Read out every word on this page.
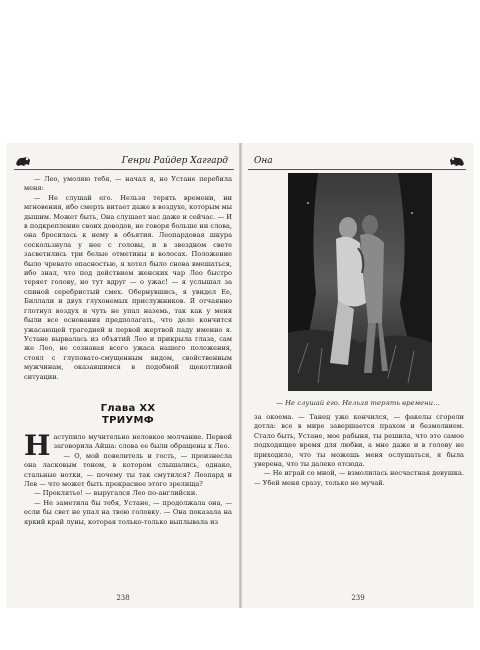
Генри Райдер Хаггард

— Лео, умоляю тебя, — начал я, но Устане перебила меня:

— Не слушай его. Нельзя терять времени, ни мгновения, ибо смерть витает даже в воздухе, которым мы дышим. Может быть, Она слушает нас даже и сейчас. — И в подкрепление своих доводов, не говоря больше ни слова, она бросилась к нему в объятия. Леопардовая шкура соскользнула у нее с головы, и в звездном свете засветились три белые отметины в волосах. Положение было чревато опасностью, я хотел было снова вмешаться, ибо знал, что под действием женских чар Лео быстро теряет голову, но тут вдруг — о ужас! — я услышал за спиной серебристый смех. Обернувшись, я увидел Ее, Биллали и двух глухонемых прислужников. Я отчаянно глотнул воздух и чуть не упал наземь, так как у меня были все основания предполагать, что дело кончится ужасающей трагедией и первой жертвой паду именно я. Устане вырвалась из объятий Лео и прикрыла глаза, сам же Лео, не сознавая всего ужаса нашего положения, стоял с глуповато-смущенным видом, свойственным мужчинам, оказавшимся в подобной щекотливой ситуации.

Глава XX
ТРИУМФ

Наступило мучительно неловкое молчание. Первой заговорила Айша: слова ее были обращены к Лео.

— О, мой повелитель и гость, — произнесла она ласковым тоном, в котором слышались, однако, стальные нотки, — почему ты так смутился? Леопард и Лев — что может быть прекраснее этого зрелища?

— Проклятье! — выругался Лео по-английски.

— Не заметила бы тебя, Устане, — продолжала она, — если бы свет не упал на твою головку. — Она показала на яркий край луны, которая только-только выплывала из

238
Она
— Не слушай его. Нельзя терять времени…

за окоема. — Танец уже кончился, — факелы сгорели дотла: все в мире завершается прахом и безмолвием. Стало быть, Устане, мое рабыня, ты решила, что это самое подходящее время для любви, а мне даже и в голову не приходило, что ты можешь меня ослушаться, я была уверена, что ты далеко отсюда.

— Не играй со мной, — взмолилась несчастная девушка. — Убей меня сразу, только не мучай.

239
